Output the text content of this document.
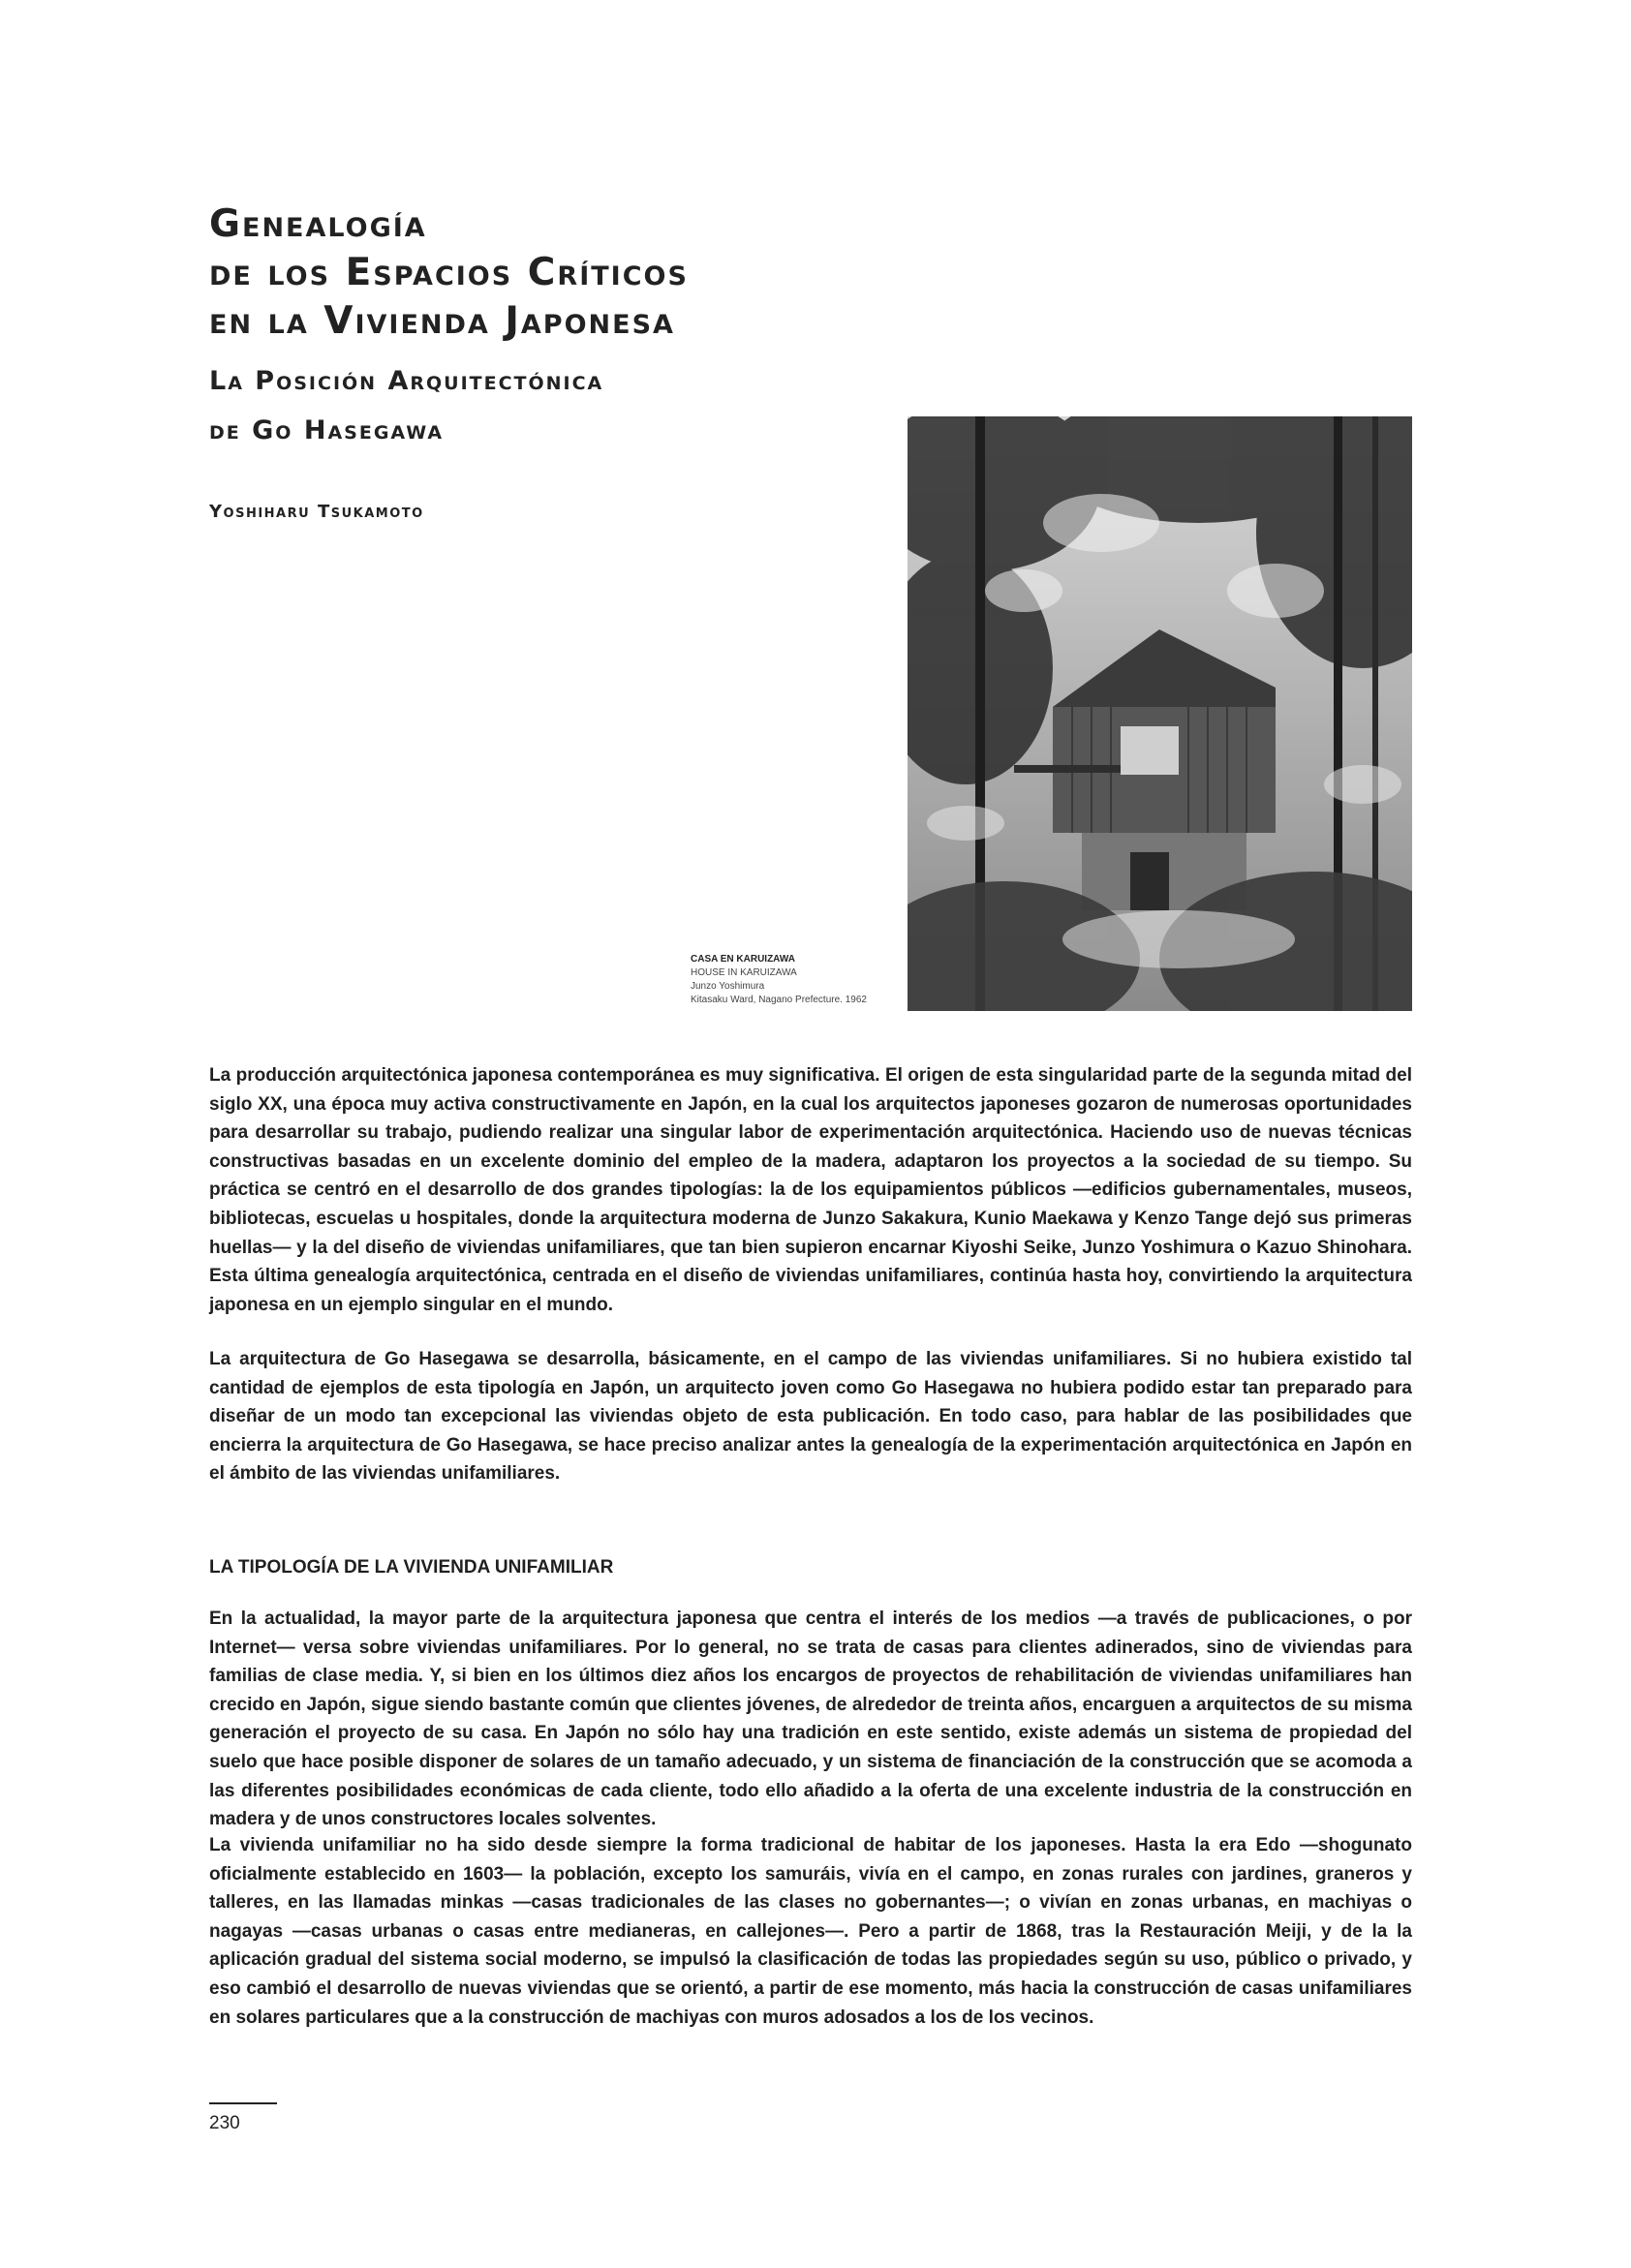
Genealogía
de los Espacios Críticos
en la Vivienda Japonesa
La Posición Arquitectónica
de Go Hasegawa
Yoshiharu Tsukamoto
CASA EN KARUIZAWA
HOUSE IN KARUIZAWA
Junzo Yoshimura
Kitasaku Ward, Nagano Prefecture. 1962

La producción arquitectónica japonesa contemporánea es muy significativa. El origen de esta singularidad parte de la segunda mitad del siglo XX, una época muy activa constructivamente en Japón, en la cual los arquitectos japoneses gozaron de numerosas oportunidades para desarrollar su trabajo, pudiendo realizar una singular labor de experimentación arquitectónica. Haciendo uso de nuevas técnicas constructivas basadas en un excelente dominio del empleo de la madera, adaptaron los proyectos a la sociedad de su tiempo. Su práctica se centró en el desarrollo de dos grandes tipologías: la de los equipamientos públicos —edificios gubernamentales, museos, bibliotecas, escuelas u hospitales, donde la arquitectura moderna de Junzo Sakakura, Kunio Maekawa y Kenzo Tange dejó sus primeras huellas— y la del diseño de viviendas unifamiliares, que tan bien supieron encarnar Kiyoshi Seike, Junzo Yoshimura o Kazuo Shinohara. Esta última genealogía arquitectónica, centrada en el diseño de viviendas unifamiliares, continúa hasta hoy, convirtiendo la arquitectura japonesa en un ejemplo singular en el mundo.

La arquitectura de Go Hasegawa se desarrolla, básicamente, en el campo de las viviendas unifamiliares. Si no hubiera existido tal cantidad de ejemplos de esta tipología en Japón, un arquitecto joven como Go Hasegawa no hubiera podido estar tan preparado para diseñar de un modo tan excepcional las viviendas objeto de esta publicación. En todo caso, para hablar de las posibilidades que encierra la arquitectura de Go Hasegawa, se hace preciso analizar antes la genealogía de la experimentación arquitectónica en Japón en el ámbito de las viviendas unifamiliares.

LA TIPOLOGÍA DE LA VIVIENDA UNIFAMILIAR

En la actualidad, la mayor parte de la arquitectura japonesa que centra el interés de los medios —a través de publicaciones, o por Internet— versa sobre viviendas unifamiliares. Por lo general, no se trata de casas para clientes adinerados, sino de viviendas para familias de clase media. Y, si bien en los últimos diez años los encargos de proyectos de rehabilitación de viviendas unifamiliares han crecido en Japón, sigue siendo bastante común que clientes jóvenes, de alrededor de treinta años, encarguen a arquitectos de su misma generación el proyecto de su casa. En Japón no sólo hay una tradición en este sentido, existe además un sistema de propiedad del suelo que hace posible disponer de solares de un tamaño adecuado, y un sistema de financiación de la construcción que se acomoda a las diferentes posibilidades económicas de cada cliente, todo ello añadido a la oferta de una excelente industria de la construcción en madera y de unos constructores locales solventes.

La vivienda unifamiliar no ha sido desde siempre la forma tradicional de habitar de los japoneses. Hasta la era Edo —shogunato oficialmente establecido en 1603— la población, excepto los samuráis, vivía en el campo, en zonas rurales con jardines, graneros y talleres, en las llamadas minkas —casas tradicionales de las clases no gobernantes—; o vivían en zonas urbanas, en machiyas o nagayas —casas urbanas o casas entre medianeras, en callejones—. Pero a partir de 1868, tras la Restauración Meiji, y de la la aplicación gradual del sistema social moderno, se impulsó la clasificación de todas las propiedades según su uso, público o privado, y eso cambió el desarrollo de nuevas viviendas que se orientó, a partir de ese momento, más hacia la construcción de casas unifamiliares en solares particulares que a la construcción de machiyas con muros adosados a los de los vecinos.

230
